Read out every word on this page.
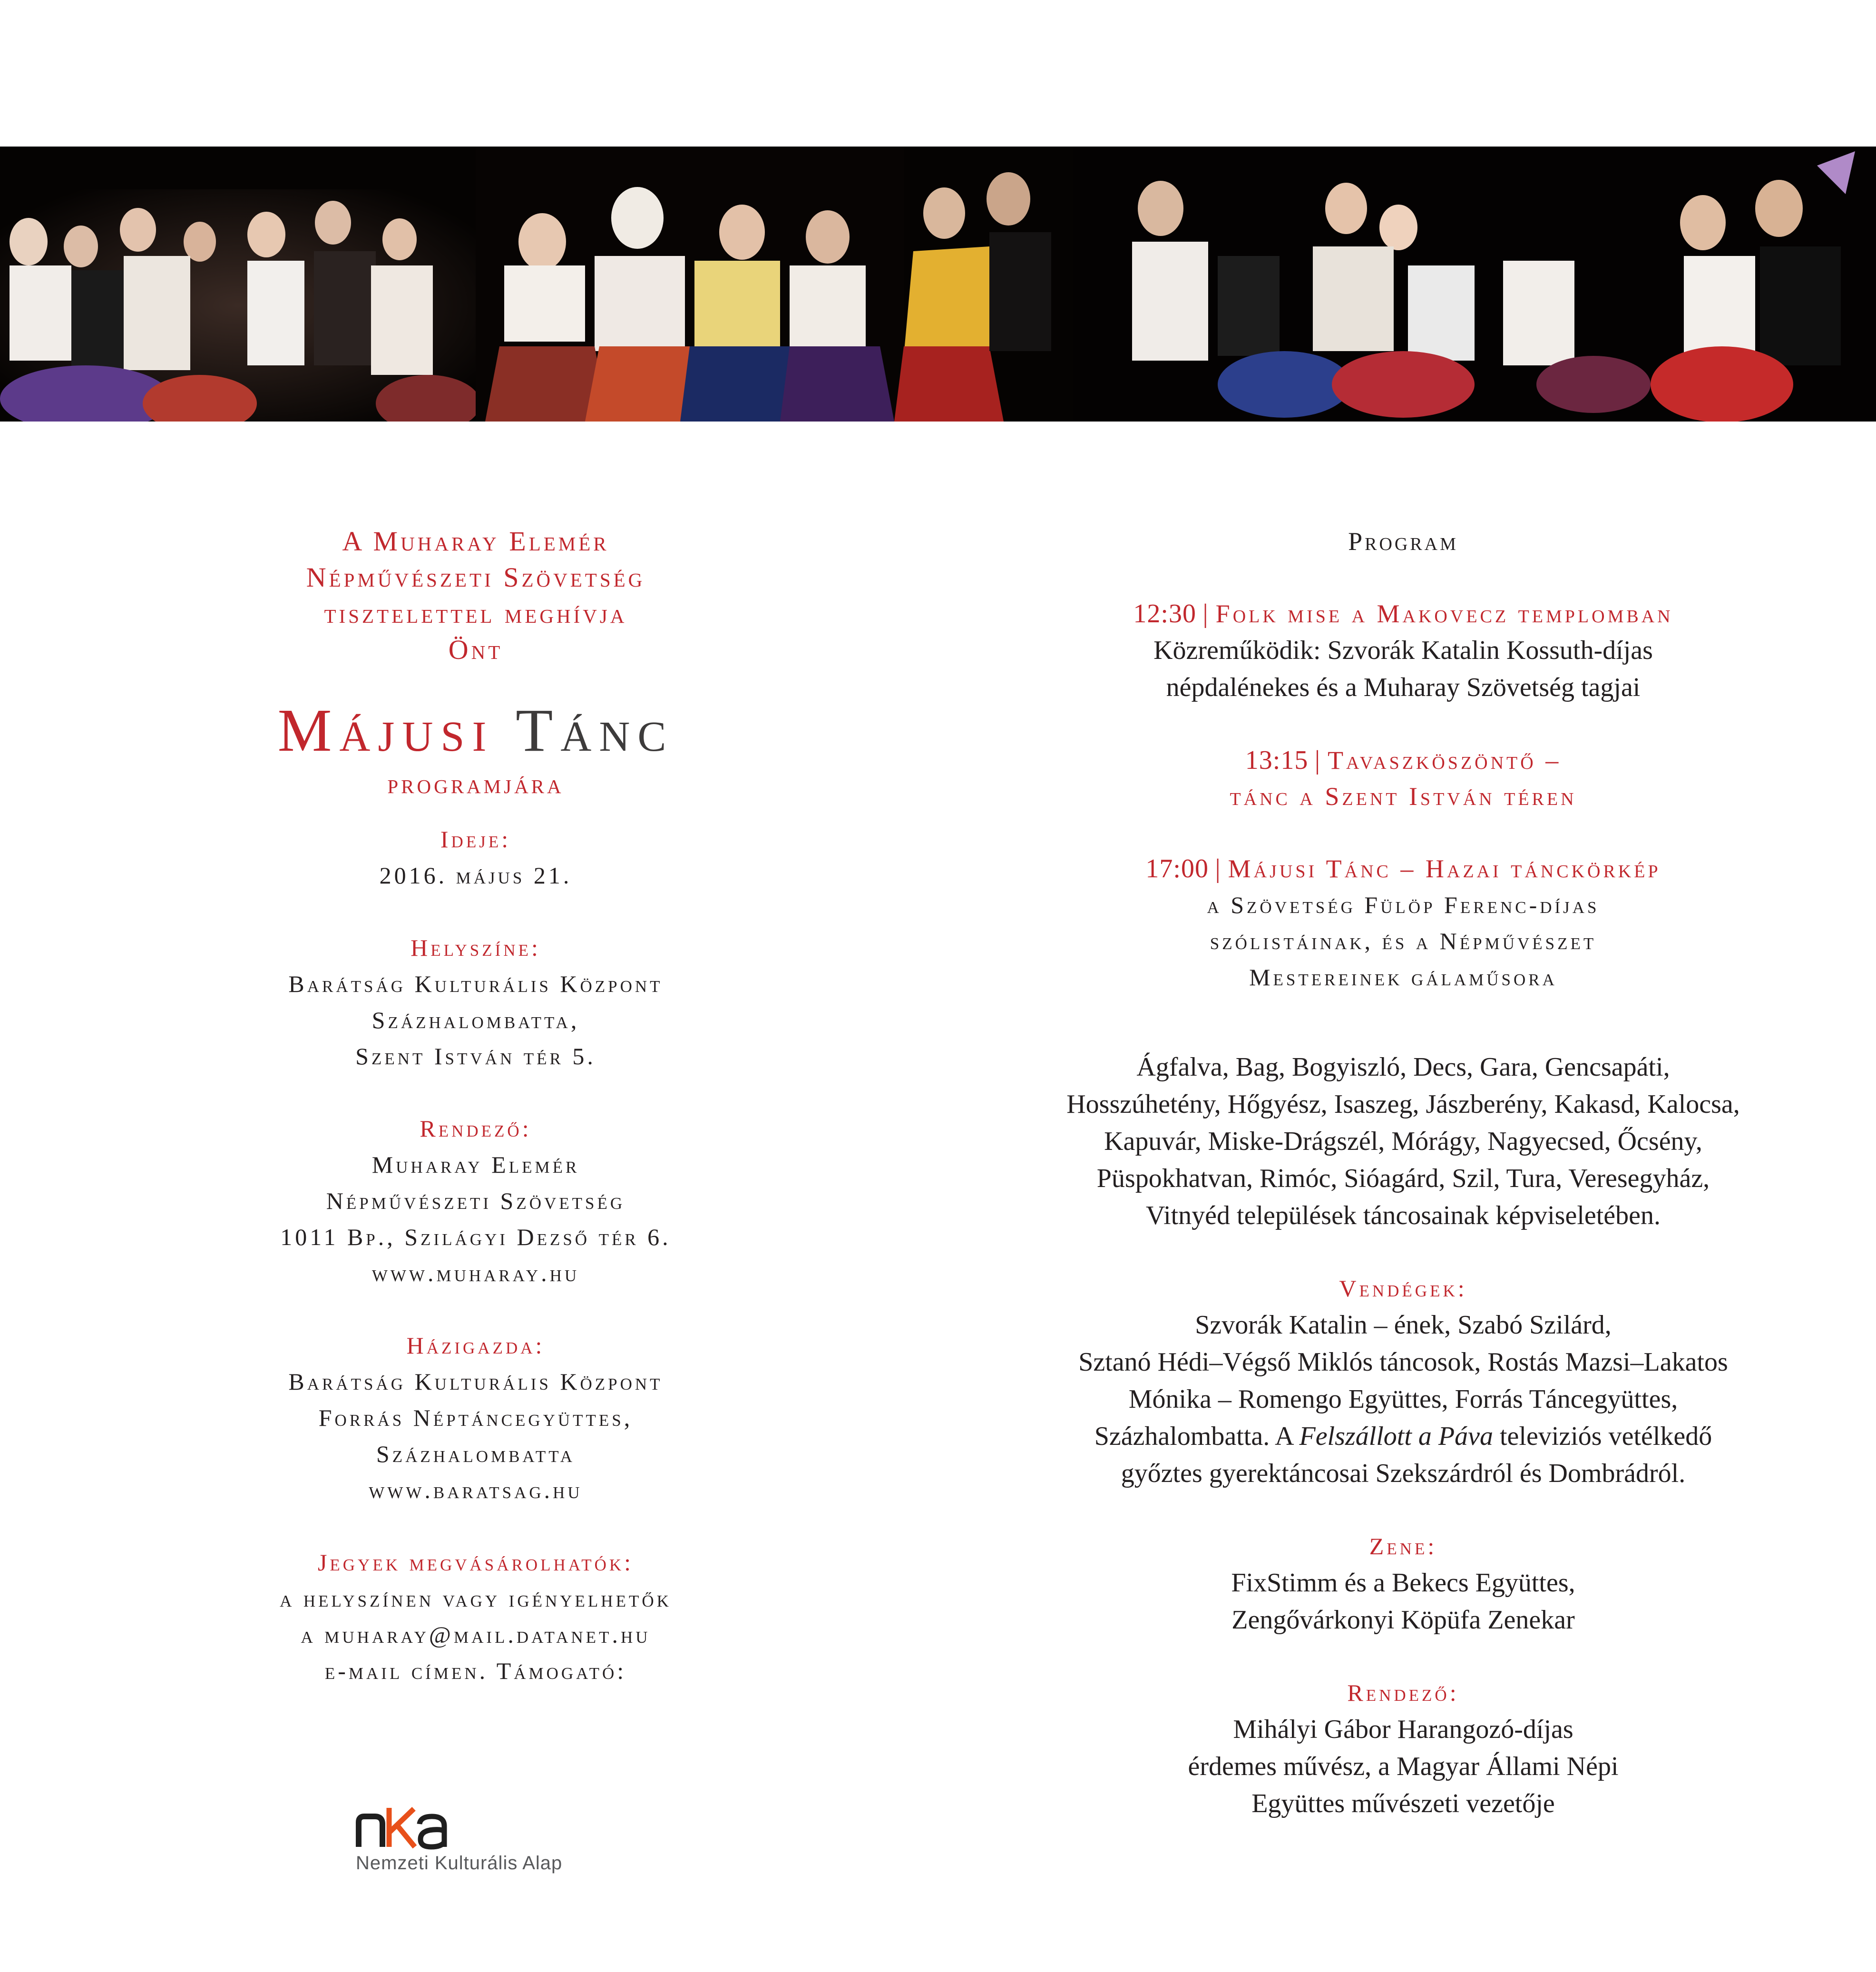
A Muharay Elemér
Népművészeti Szövetség
tisztelettel meghívja
Önt
Májusi Tánc
programjára
Ideje:
2016. május 21.
Helyszíne:
Barátság Kulturális Központ
Százhalombatta,
Szent István tér 5.
Rendező:
Muharay Elemér
Népművészeti Szövetség
1011 Bp., Szilágyi Dezső tér 6.
www.muharay.hu
Házigazda:
Barátság Kulturális Központ
Forrás Néptáncegyüttes,
Százhalombatta
www.baratsag.hu
Jegyek megvásárolhatók:
a helyszínen vagy igényelhetők
a muharay@mail.datanet.hu
e-mail címen. Támogató:
Nemzeti Kulturális Alap
Program
12:30 | Folk mise a Makovecz templomban
Közreműködik: Szvorák Katalin Kossuth-díjas
népdalénekes és a Muharay Szövetség tagjai
13:15 | Tavaszköszöntő –
tánc a Szent István téren
17:00 | Májusi Tánc – Hazai tánckörkép
a Szövetség Fülöp Ferenc-díjas
szólistáinak, és a Népművészet
Mestereinek gálaműsora
Ágfalva, Bag, Bogyiszló, Decs, Gara, Gencsapáti,
Hosszúhetény, Hőgyész, Isaszeg, Jászberény, Kakasd, Kalocsa,
Kapuvár, Miske-Drágszél, Mórágy, Nagyecsed, Őcsény,
Püspokhatvan, Rimóc, Sióagárd, Szil, Tura, Veresegyház,
Vitnyéd települések táncosainak képviseletében.
Vendégek:
Szvorák Katalin – ének, Szabó Szilárd,
Sztanó Hédi–Végső Miklós táncosok, Rostás Mazsi–Lakatos
Mónika – Romengo Együttes, Forrás Táncegyüttes,
Százhalombatta. A Felszállott a Páva televiziós vetélkedő
győztes gyerektáncosai Szekszárdról és Dombrádról.
Zene:
FixStimm és a Bekecs Együttes,
Zengővárkonyi Köpüfa Zenekar
Rendező:
Mihályi Gábor Harangozó-díjas
érdemes művész, a Magyar Állami Népi
Együttes művészeti vezetője
